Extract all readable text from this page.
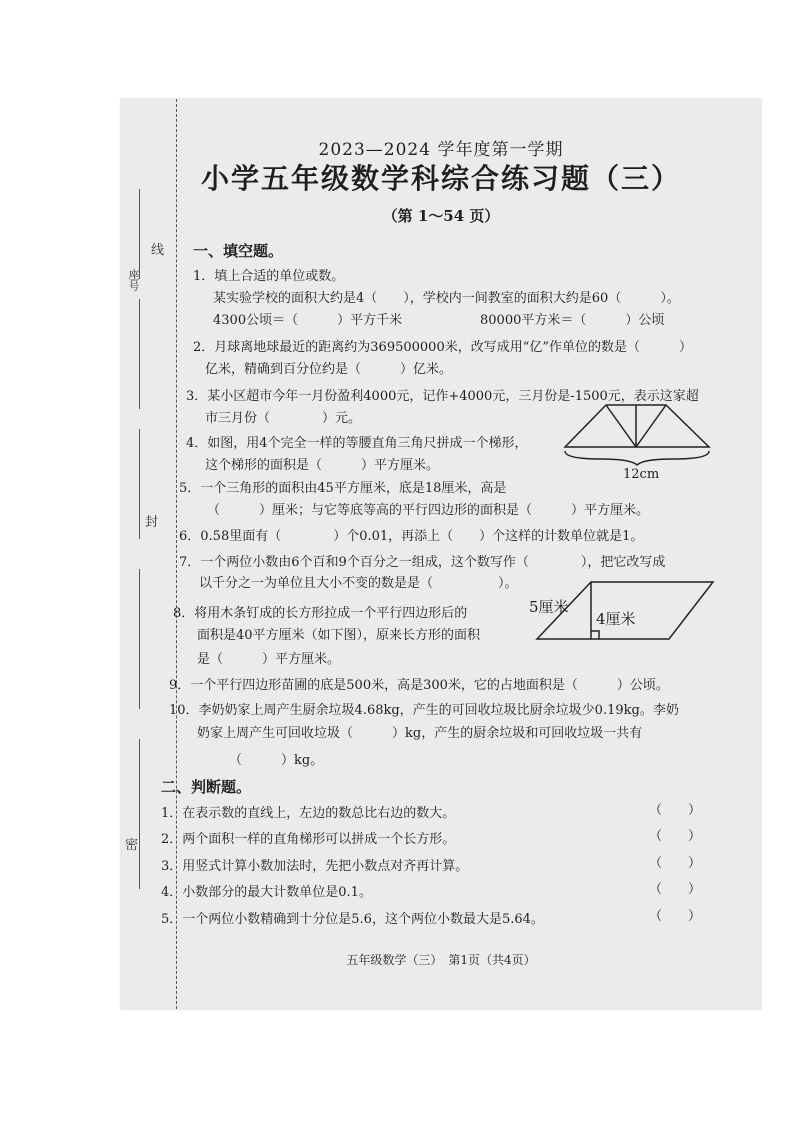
座号
线
封
密
2023—2024 学年度第一学期
小学五年级数学科综合练习题（三）
（第 1～54 页）
一、填空题。
1．填上合适的单位或数。
某实验学校的面积大约是4（　　），学校内一间教室的面积大约是60（　　　）。
4300公顷＝（　　　）平方千米	80000平方米＝（　　　）公顷
2．月球离地球最近的距离约为369500000米，改写成用“亿”作单位的数是（　　　）
亿米，精确到百分位约是（　　　）亿米。
3．某小区超市今年一月份盈利4000元，记作+4000元，三月份是-1500元，表示这家超
市三月份（　　　　）元。
4．如图，用4个完全一样的等腰直角三角尺拼成一个梯形，
这个梯形的面积是（　　　）平方厘米。
12cm
5．一个三角形的面积由45平方厘米，底是18厘米，高是
（　　　）厘米；与它等底等高的平行四边形的面积是（　　　）平方厘米。
6．0.58里面有（　　　　）个0.01，再添上（　　）个这样的计数单位就是1。
7．一个两位小数由6个百和9个百分之一组成，这个数写作（　　　　），把它改写成
以千分之一为单位且大小不变的数是是（　　　　　）。
8．将用木条钉成的长方形拉成一个平行四边形后的
面积是40平方厘米（如下图），原来长方形的面积
是（　　　）平方厘米。
5厘米
4厘米
9．一个平行四边形苗圃的底是500米，高是300米，它的占地面积是（　　　）公顷。
10．李奶奶家上周产生厨余垃圾4.68kg，产生的可回收垃圾比厨余垃圾少0.19kg。李奶
奶家上周产生可回收垃圾（　　　）kg，产生的厨余垃圾和可回收垃圾一共有
（　　　）kg。
二、判断题。
1．在表示数的直线上，左边的数总比右边的数大。	（　　）
2．两个面积一样的直角梯形可以拼成一个长方形。	（　　）
3．用竖式计算小数加法时，先把小数点对齐再计算。	（　　）
4．小数部分的最大计数单位是0.1。	（　　）
5．一个两位小数精确到十分位是5.6，这个两位小数最大是5.64。	（　　）
五年级数学（三）　第1页（共4页）
